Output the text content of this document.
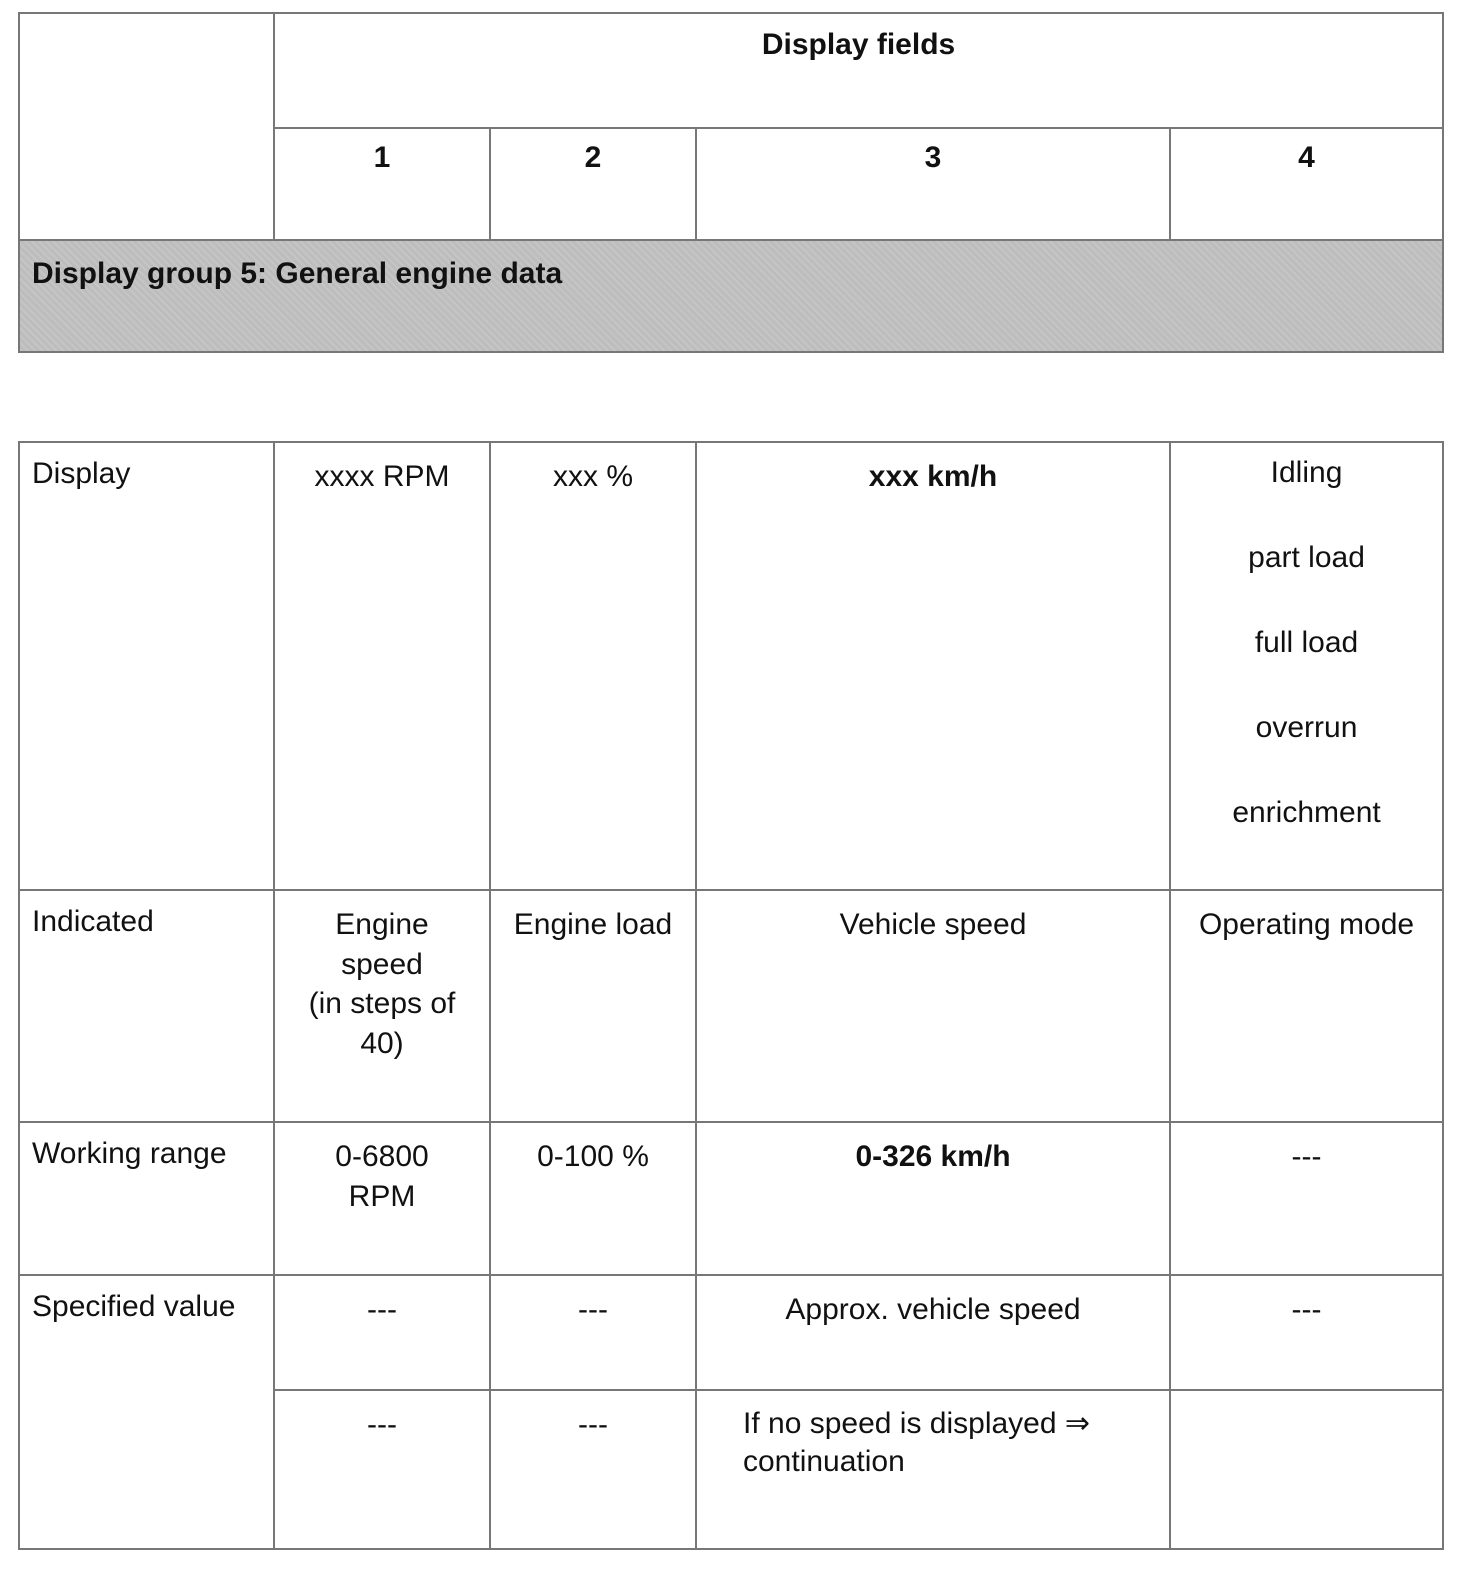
	Display fields			
	1	2	3	4
Display group 5: General engine data				

Display	xxxx RPM	xxx %	xxx km/h	Idling
part load
full load
overrun
enrichment

Indicated	Engine
speed
(in steps of
40)	Engine load	Vehicle speed	Operating mode
Working range	0-6800
RPM	0-100 %	0-326 km/h	---
Specified value	---	---	Approx. vehicle speed	---
	---	---	If no speed is displayed ⇒
continuation	
